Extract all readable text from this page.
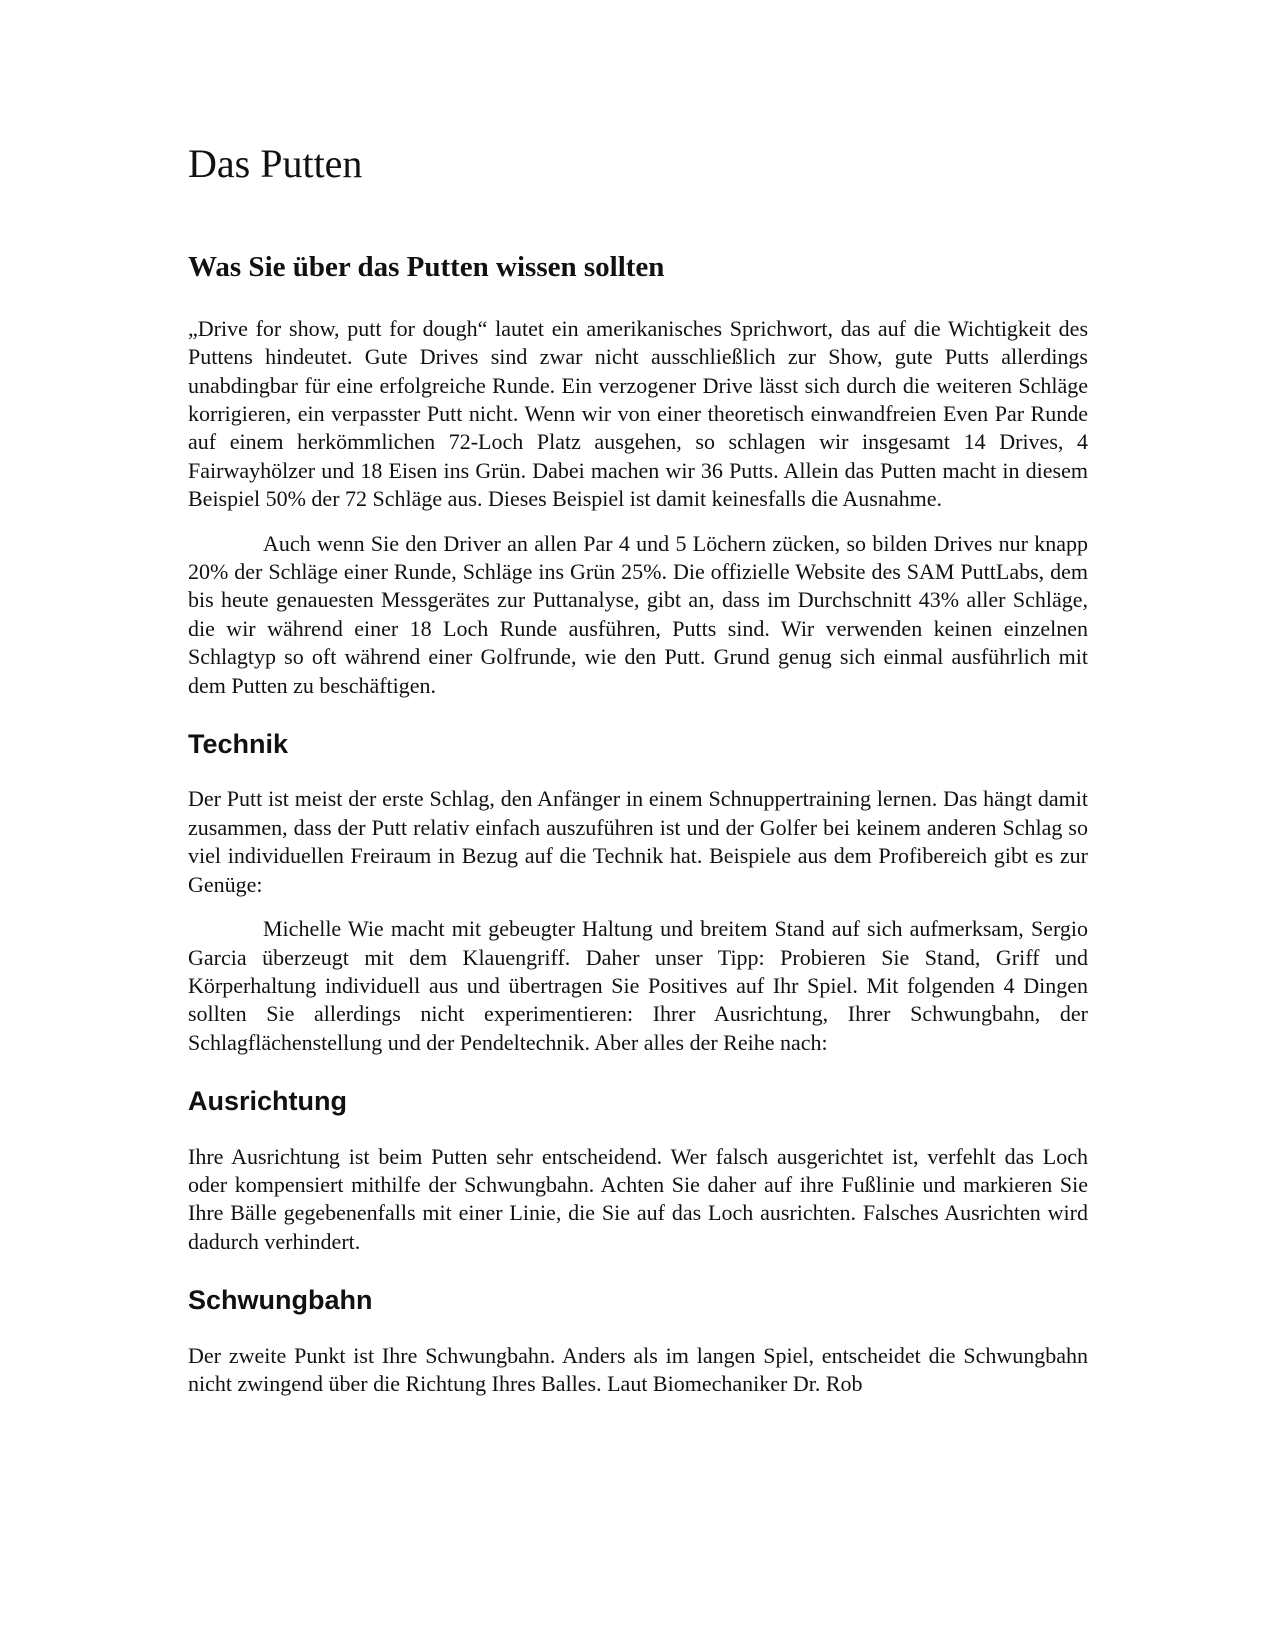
Das Putten
Was Sie über das Putten wissen sollten

„Drive for show, putt for dough“ lautet ein amerikanisches Sprichwort, das auf die Wichtigkeit des Puttens hindeutet. Gute Drives sind zwar nicht ausschließlich zur Show, gute Putts allerdings unabdingbar für eine erfolgreiche Runde. Ein verzogener Drive lässt sich durch die weiteren Schläge korrigieren, ein verpasster Putt nicht. Wenn wir von einer theoretisch einwandfreien Even Par Runde auf einem herkömmlichen 72-Loch Platz ausgehen, so schlagen wir insgesamt 14 Drives, 4 Fairwayhölzer und 18 Eisen ins Grün. Dabei machen wir 36 Putts. Allein das Putten macht in diesem Beispiel 50% der 72 Schläge aus. Dieses Beispiel ist damit keinesfalls die Ausnahme.

Auch wenn Sie den Driver an allen Par 4 und 5 Löchern zücken, so bilden Drives nur knapp 20% der Schläge einer Runde, Schläge ins Grün 25%. Die offizielle Website des SAM PuttLabs, dem bis heute genauesten Messgerätes zur Puttanalyse, gibt an, dass im Durchschnitt 43% aller Schläge, die wir während einer 18 Loch Runde ausführen, Putts sind. Wir verwenden keinen einzelnen Schlagtyp so oft während einer Golfrunde, wie den Putt. Grund genug sich einmal ausführlich mit dem Putten zu beschäftigen.

Technik

Der Putt ist meist der erste Schlag, den Anfänger in einem Schnuppertraining lernen. Das hängt damit zusammen, dass der Putt relativ einfach auszuführen ist und der Golfer bei keinem anderen Schlag so viel individuellen Freiraum in Bezug auf die Technik hat. Beispiele aus dem Profibereich gibt es zur Genüge:

Michelle Wie macht mit gebeugter Haltung und breitem Stand auf sich aufmerksam, Sergio Garcia überzeugt mit dem Klauengriff. Daher unser Tipp: Probieren Sie Stand, Griff und Körperhaltung individuell aus und übertragen Sie Positives auf Ihr Spiel. Mit folgenden 4 Dingen sollten Sie allerdings nicht experimentieren: Ihrer Ausrichtung, Ihrer Schwungbahn, der Schlagflächenstellung und der Pendeltechnik. Aber alles der Reihe nach:

Ausrichtung

Ihre Ausrichtung ist beim Putten sehr entscheidend. Wer falsch ausgerichtet ist, verfehlt das Loch oder kompensiert mithilfe der Schwungbahn. Achten Sie daher auf ihre Fußlinie und markieren Sie Ihre Bälle gegebenenfalls mit einer Linie, die Sie auf das Loch ausrichten. Falsches Ausrichten wird dadurch verhindert.

Schwungbahn

Der zweite Punkt ist Ihre Schwungbahn. Anders als im langen Spiel, entscheidet die Schwungbahn nicht zwingend über die Richtung Ihres Balles. Laut Biomechaniker Dr. Rob
